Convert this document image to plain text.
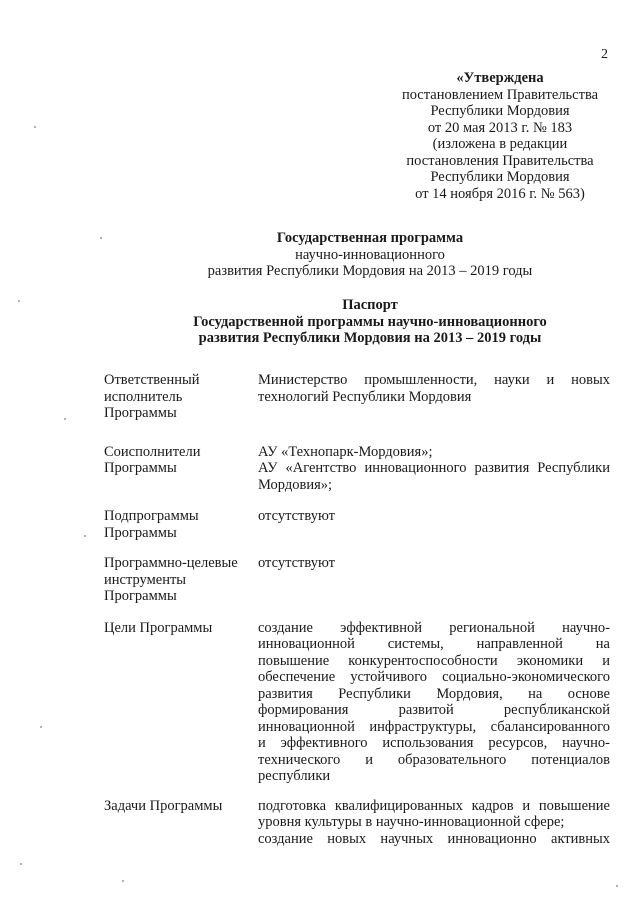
2
«Утверждена
постановлением Правительства
Республики Мордовия
от 20 мая 2013 г. № 183
(изложена в редакции
постановления Правительства
Республики Мордовия
от 14 ноября 2016 г. № 563)
Государственная программа
научно-инновационного
развития Республики Мордовия на 2013 – 2019 годы
Паспорт
Государственной программы научно-инновационного
развития Республики Мордовия на 2013 – 2019 годы
Ответственный
исполнитель
Программы
Министерство промышленности, науки и новых
технологий Республики Мордовия
Соисполнители
Программы
АУ «Технопарк-Мордовия»;
АУ «Агентство инновационного развития Республики
Мордовия»;
Подпрограммы
Программы
отсутствуют
Программно-целевые
инструменты
Программы
отсутствуют
Цели Программы	создание эффективной региональной научно-
инновационной системы, направленной на
повышение конкурентоспособности экономики и
обеспечение устойчивого социально-экономического
развития Республики Мордовия, на основе
формирования развитой республиканской
инновационной инфраструктуры, сбалансированного
и эффективного использования ресурсов, научно-
технического и образовательного потенциалов
республики
Задачи Программы	подготовка квалифицированных кадров и повышение
уровня культуры в научно-инновационной сфере;
создание новых научных инновационно активных
